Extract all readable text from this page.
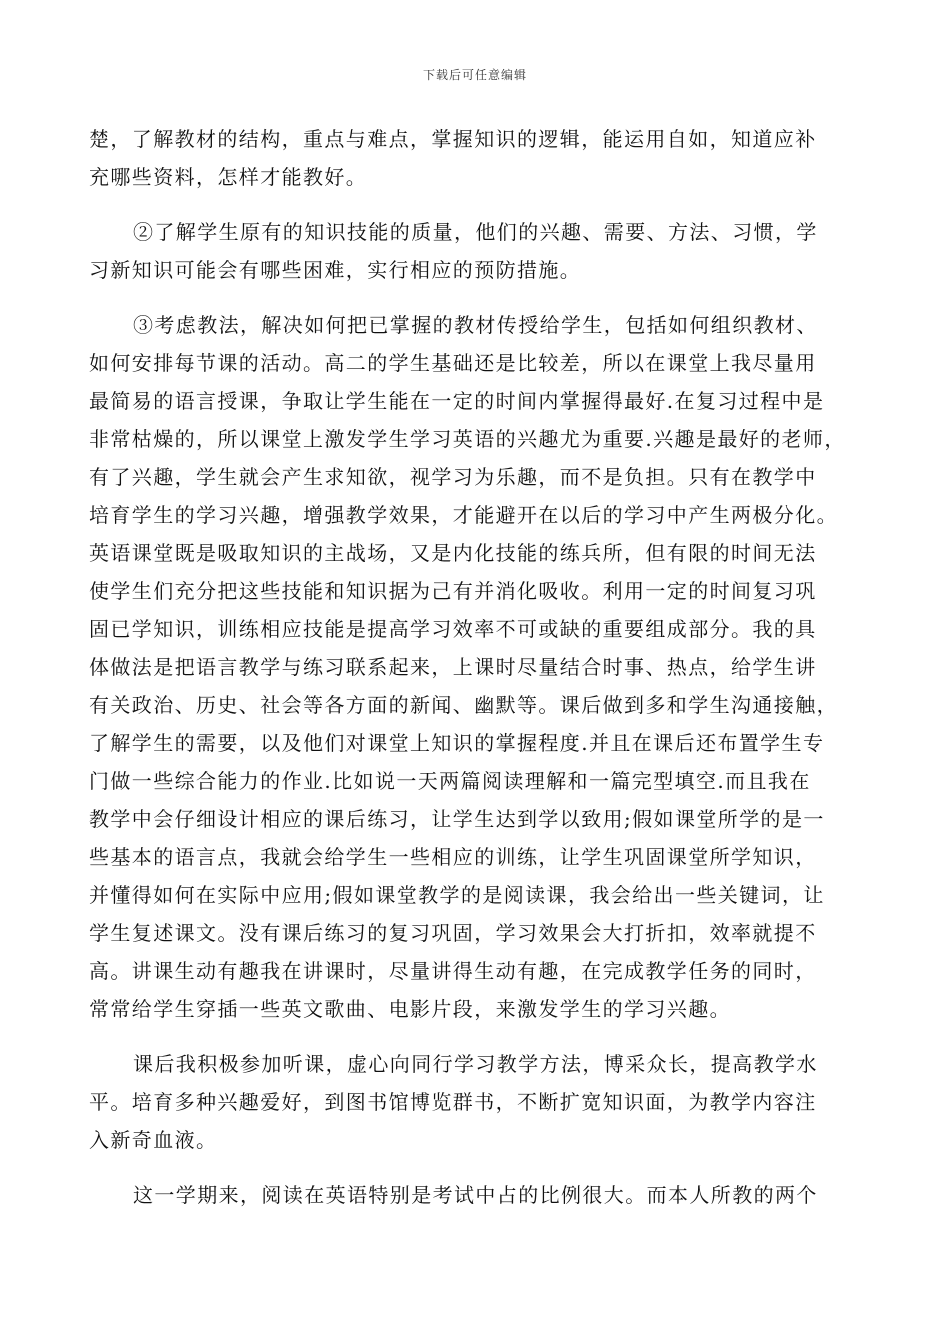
下载后可任意编辑
楚，了解教材的结构，重点与难点，掌握知识的逻辑，能运用自如，知道应补
充哪些资料，怎样才能教好。
②了解学生原有的知识技能的质量，他们的兴趣、需要、方法、习惯，学
习新知识可能会有哪些困难，实行相应的预防措施。
③考虑教法，解决如何把已掌握的教材传授给学生，包括如何组织教材、
如何安排每节课的活动。高二的学生基础还是比较差，所以在课堂上我尽量用
最简易的语言授课，争取让学生能在一定的时间内掌握得最好.在复习过程中是
非常枯燥的，所以课堂上激发学生学习英语的兴趣尤为重要.兴趣是最好的老师，
有了兴趣，学生就会产生求知欲，视学习为乐趣，而不是负担。只有在教学中
培育学生的学习兴趣，增强教学效果，才能避开在以后的学习中产生两极分化。
英语课堂既是吸取知识的主战场，又是内化技能的练兵所，但有限的时间无法
使学生们充分把这些技能和知识据为己有并消化吸收。利用一定的时间复习巩
固已学知识，训练相应技能是提高学习效率不可或缺的重要组成部分。我的具
体做法是把语言教学与练习联系起来，上课时尽量结合时事、热点，给学生讲
有关政治、历史、社会等各方面的新闻、幽默等。课后做到多和学生沟通接触，
了解学生的需要，以及他们对课堂上知识的掌握程度.并且在课后还布置学生专
门做一些综合能力的作业.比如说一天两篇阅读理解和一篇完型填空.而且我在
教学中会仔细设计相应的课后练习，让学生达到学以致用;假如课堂所学的是一
些基本的语言点，我就会给学生一些相应的训练，让学生巩固课堂所学知识，
并懂得如何在实际中应用;假如课堂教学的是阅读课，我会给出一些关键词，让
学生复述课文。没有课后练习的复习巩固，学习效果会大打折扣，效率就提不
高。讲课生动有趣我在讲课时，尽量讲得生动有趣，在完成教学任务的同时，
常常给学生穿插一些英文歌曲、电影片段，来激发学生的学习兴趣。
课后我积极参加听课，虚心向同行学习教学方法，博采众长，提高教学水
平。培育多种兴趣爱好，到图书馆博览群书，不断扩宽知识面，为教学内容注
入新奇血液。
这一学期来，阅读在英语特别是考试中占的比例很大。而本人所教的两个
